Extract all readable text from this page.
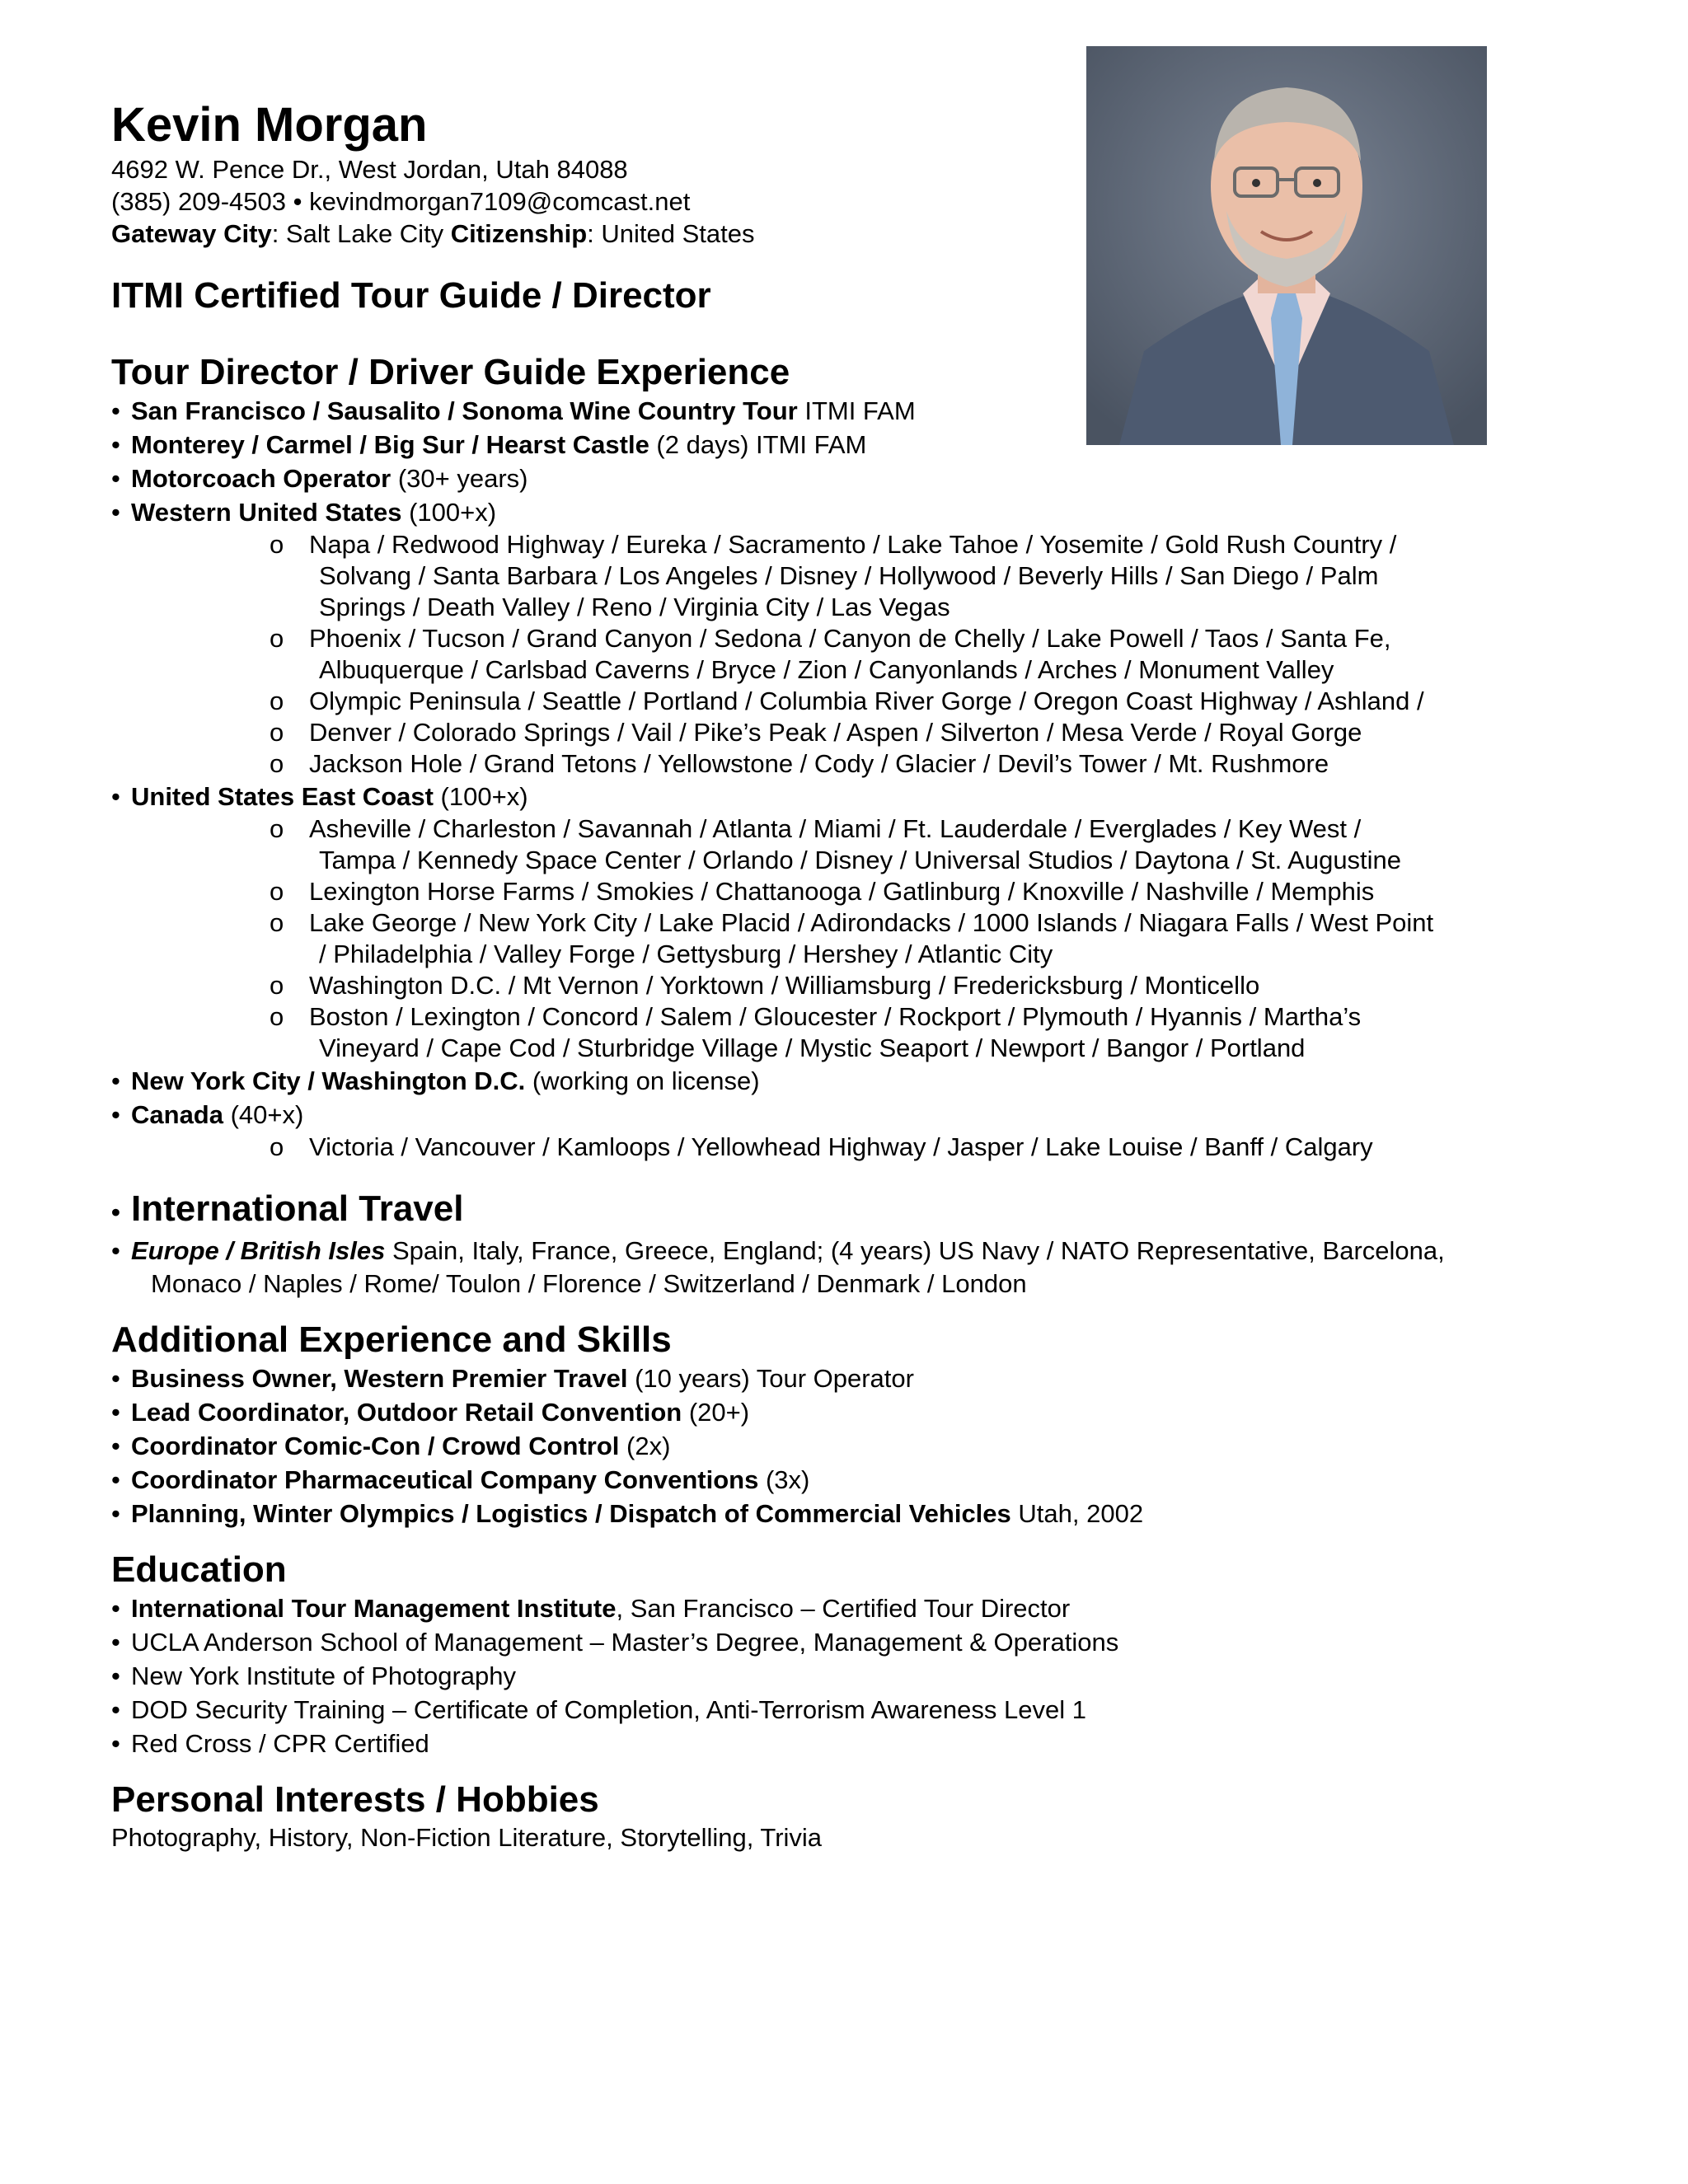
Kevin Morgan
4692 W. Pence Dr., West Jordan, Utah 84088
(385) 209-4503 • kevindmorgan7109@comcast.net
Gateway City: Salt Lake City Citizenship: United States
ITMI Certified Tour Guide / Director
Tour Director / Driver Guide Experience
• San Francisco / Sausalito / Sonoma Wine Country Tour ITMI FAM
• Monterey / Carmel / Big Sur / Hearst Castle (2 days) ITMI FAM
• Motorcoach Operator (30+ years)
• Western United States (100+x)
o Napa / Redwood Highway / Eureka / Sacramento / Lake Tahoe / Yosemite / Gold Rush Country /
Solvang / Santa Barbara / Los Angeles / Disney / Hollywood / Beverly Hills / San Diego / Palm
Springs / Death Valley / Reno / Virginia City / Las Vegas
o Phoenix / Tucson / Grand Canyon / Sedona / Canyon de Chelly / Lake Powell / Taos / Santa Fe,
Albuquerque / Carlsbad Caverns / Bryce / Zion / Canyonlands / Arches / Monument Valley
o Olympic Peninsula / Seattle / Portland / Columbia River Gorge / Oregon Coast Highway / Ashland /
o Denver / Colorado Springs / Vail / Pike’s Peak / Aspen / Silverton / Mesa Verde / Royal Gorge
o Jackson Hole / Grand Tetons / Yellowstone / Cody / Glacier / Devil’s Tower / Mt. Rushmore
• United States East Coast (100+x)
o Asheville / Charleston / Savannah / Atlanta / Miami / Ft. Lauderdale / Everglades / Key West /
Tampa / Kennedy Space Center / Orlando / Disney / Universal Studios / Daytona / St. Augustine
o Lexington Horse Farms / Smokies / Chattanooga / Gatlinburg / Knoxville / Nashville / Memphis
o Lake George / New York City / Lake Placid / Adirondacks / 1000 Islands / Niagara Falls / West Point
/ Philadelphia / Valley Forge / Gettysburg / Hershey / Atlantic City
o Washington D.C. / Mt Vernon / Yorktown / Williamsburg / Fredericksburg / Monticello
o Boston / Lexington / Concord / Salem / Gloucester / Rockport / Plymouth / Hyannis / Martha’s
Vineyard / Cape Cod / Sturbridge Village / Mystic Seaport / Newport / Bangor / Portland
• New York City / Washington D.C. (working on license)
• Canada (40+x)
o Victoria / Vancouver / Kamloops / Yellowhead Highway / Jasper / Lake Louise / Banff / Calgary
• International Travel
• Europe / British Isles Spain, Italy, France, Greece, England; (4 years) US Navy / NATO Representative, Barcelona,
Monaco / Naples / Rome/ Toulon / Florence / Switzerland / Denmark / London
Additional Experience and Skills
• Business Owner, Western Premier Travel (10 years) Tour Operator
• Lead Coordinator, Outdoor Retail Convention (20+)
• Coordinator Comic-Con / Crowd Control (2x)
• Coordinator Pharmaceutical Company Conventions (3x)
• Planning, Winter Olympics / Logistics / Dispatch of Commercial Vehicles Utah, 2002
Education
• International Tour Management Institute, San Francisco – Certified Tour Director
• UCLA Anderson School of Management – Master’s Degree, Management & Operations
• New York Institute of Photography
• DOD Security Training – Certificate of Completion, Anti-Terrorism Awareness Level 1
• Red Cross / CPR Certified
Personal Interests / Hobbies
Photography, History, Non-Fiction Literature, Storytelling, Trivia
